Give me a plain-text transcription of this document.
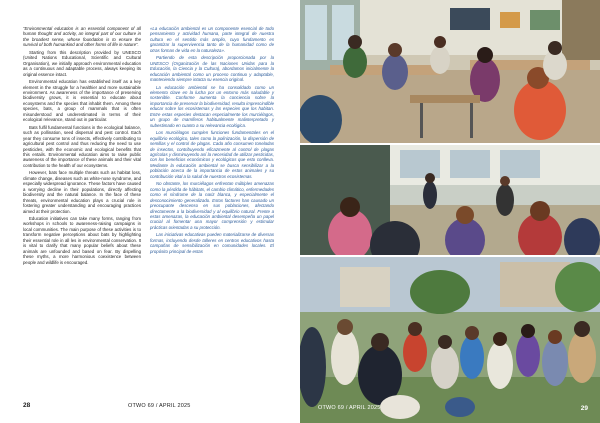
“Environmental education is an essential component of all human thought and activity, an integral part of our culture in the broadest sense, whose foundation is to ensure the survival of both humankind and other forms of life in nature”.

Starting from this description provided by UNESCO (United Nations Educational, Scientific and Cultural Organisation), we initially approach environmental education as a continuous and adaptable process, always keeping its original essence intact.

Environmental education has established itself as a key element in the struggle for a healthier and more sustainable environment. As awareness of the importance of preserving biodiversity grows, it is essential to educate about ecosystems and the species that inhabit them. Among these species, bats, a group of mammals that is often misunderstood and underestimated in terms of their ecological relevance, stand out in particular.

Bats fulfil fundamental functions in the ecological balance, such as pollination, seed dispersal and pest control. Each year they consume tons of insects, effectively contributing to agricultural pest control and thus reducing the need to use pesticides, with the economic and ecological benefits that this entails. Environmental education aims to raise public awareness of the importance of these animals and their vital contribution to the health of our ecosystems.

However, bats face multiple threats such as habitat loss, climate change, diseases such as white-nose syndrome, and especially widespread ignorance. These factors have caused a worrying decline in their populations, directly affecting biodiversity and the natural balance. In the face of these threats, environmental education plays a crucial role in fostering greater understanding and encouraging practices aimed at their protection.

Education initiatives can take many forms, ranging from workshops in schools to awareness-raising campaigns in local communities. The main purpose of these activities is to transform negative perceptions about bats by highlighting their essential role in all les in environmental conservation. It is vital to clarify that many popular beliefs about these animals are unfounded and based on fear. By dispelling these myths, a more harmonious coexistence between people and wildlife is encouraged.

«La educación ambiental es un componente esencial de todo pensamiento y actividad humana, parte integral de nuestra cultura en el sentido más amplio, cuyo fundamento es garantizar la supervivencia tanto de la humanidad como de otras formas de vida en la naturaleza».

Partiendo de esta descripción proporcionada por la UNESCO (Organización de las Naciones Unidas para la Educación, la Ciencia y la Cultura), abordamos inicialmente la educación ambiental como un proceso continuo y adaptable, manteniendo siempre intacta su esencia original.

La educación ambiental se ha consolidado como un elemento clave en la lucha por un entorno más saludable y sostenible. Conforme aumenta la conciencia sobre la importancia de preservar la biodiversidad, resulta imprescindible educar sobre los ecosistemas y las especies que los habitan. Entre estas especies destacan especialmente los murciélagos, un grupo de mamíferos habitualmente malinterpretado y subestimado en cuanto a su relevancia ecológica.

Los murciélagos cumplen funciones fundamentales en el equilibrio ecológico, tales como la polinización, la dispersión de semillas y el control de plagas. Cada año consumen toneladas de insectos, contribuyendo eficazmente al control de plagas agrícolas y disminuyendo así la necesidad de utilizar pesticidas, con los beneficios económicos y ecológicos que esto conlleva. Mediante la educación ambiental se busca sensibilizar a la población acerca de la importancia de estos animales y su contribución vital a la salud de nuestros ecosistemas.

No obstante, los murciélagos enfrentan múltiples amenazas como la pérdida de hábitats, el cambio climático, enfermedades como el síndrome de la nariz blanca, y especialmente el desconocimiento generalizado. Estos factores han causado un preocupante descenso en sus poblaciones, afectando directamente a la biodiversidad y al equilibrio natural. Frente a estas amenazas, la educación ambiental desempeña un papel crucial al fomentar una mayor comprensión y estimular prácticas orientadas a su protección.

Las iniciativas educativas pueden materializarse de diversas formas, incluyendo desde talleres en centros educativos hasta campañas de sensibilización en comunidades locales. El propósito principal de estas

28	OTWO 69 / APRIL 2025	OTWO 69 / APRIL 2025	29
